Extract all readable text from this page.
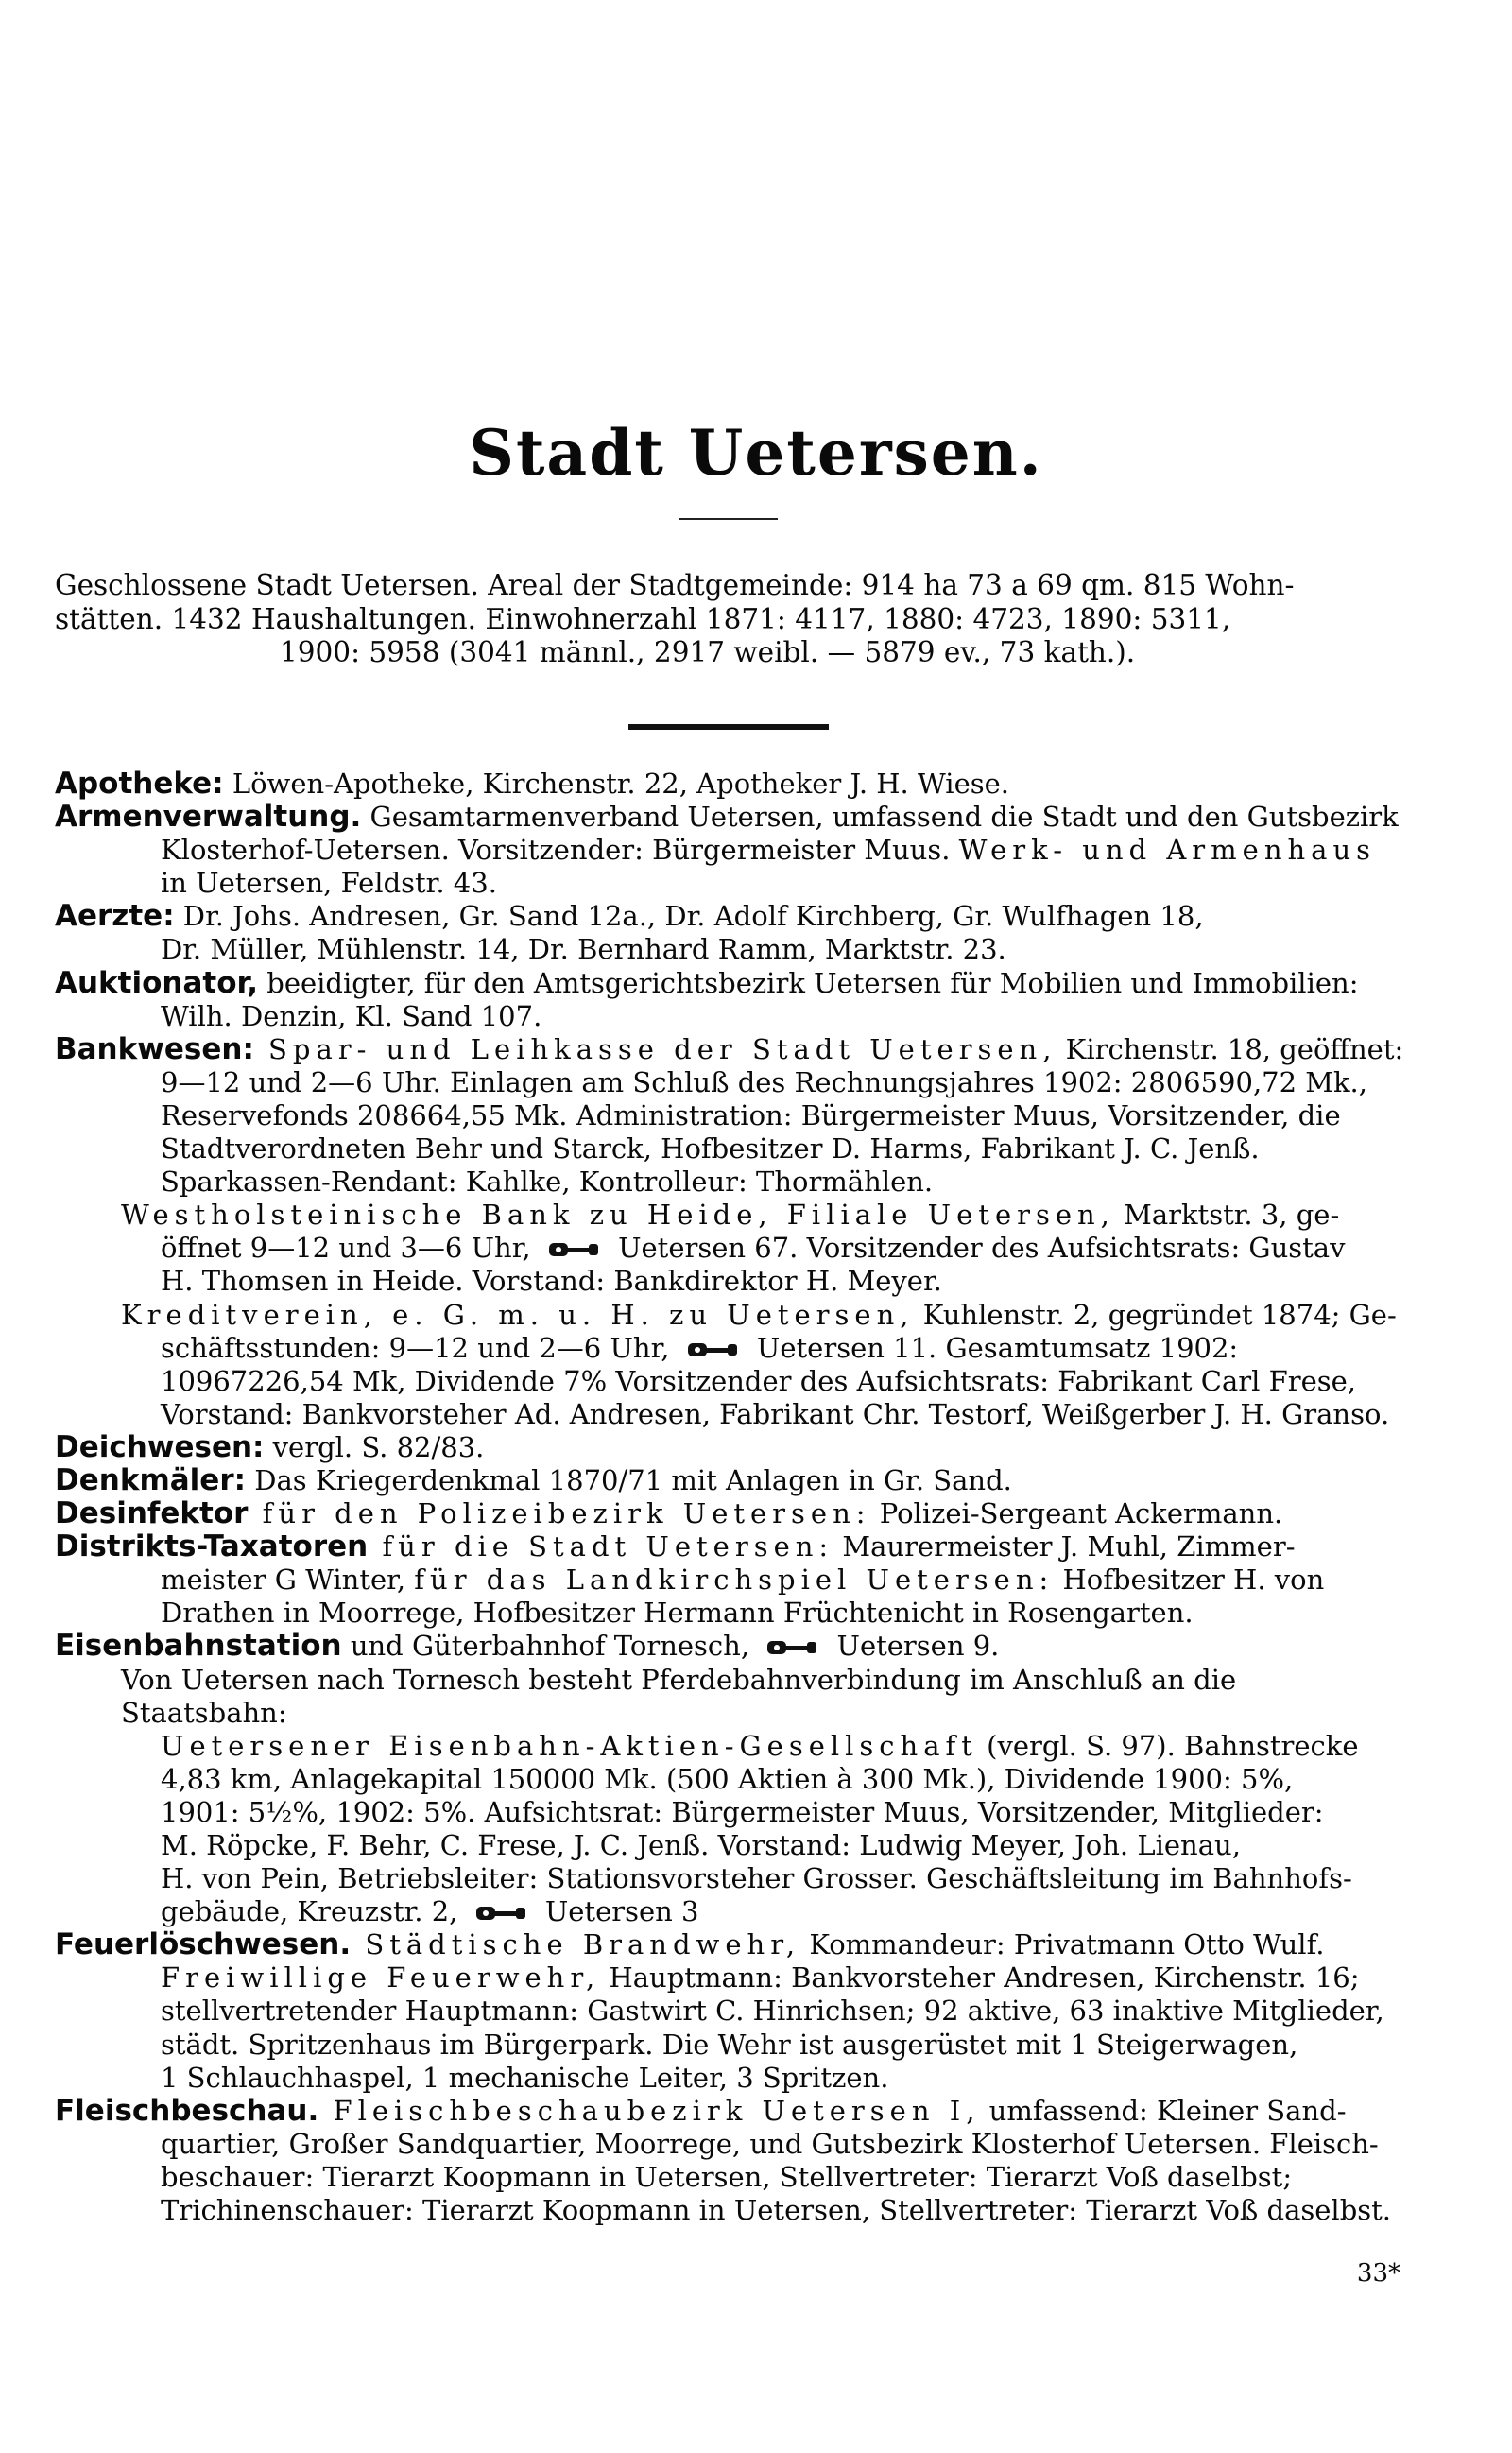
Stadt Uetersen.
Geschlossene Stadt Uetersen. Areal der Stadtgemeinde: 914 ha 73 a 69 qm. 815 Wohn-
stätten. 1432 Haushaltungen. Einwohnerzahl 1871: 4117, 1880: 4723, 1890: 5311,
1900: 5958 (3041 männl., 2917 weibl. — 5879 ev., 73 kath.).

Apotheke: Löwen-Apotheke, Kirchenstr. 22, Apotheker J. H. Wiese.

Armenverwaltung. Gesamtarmenverband Uetersen, umfassend die Stadt und den Gutsbezirk

Klosterhof-Uetersen. Vorsitzender: Bürgermeister Muus. Werk- und Armenhaus

in Uetersen, Feldstr. 43.

Aerzte: Dr. Johs. Andresen, Gr. Sand 12a., Dr. Adolf Kirchberg, Gr. Wulfhagen 18,

Dr. Müller, Mühlenstr. 14, Dr. Bernhard Ramm, Marktstr. 23.

Auktionator, beeidigter, für den Amtsgerichtsbezirk Uetersen für Mobilien und Immobilien:

Wilh. Denzin, Kl. Sand 107.

Bankwesen: Spar- und Leihkasse der Stadt Uetersen, Kirchenstr. 18, geöffnet:

9—12 und 2—6 Uhr. Einlagen am Schluß des Rechnungsjahres 1902: 2806590,72 Mk.,

Reservefonds 208664,55 Mk. Administration: Bürgermeister Muus, Vorsitzender, die

Stadtverordneten Behr und Starck, Hofbesitzer D. Harms, Fabrikant J. C. Jenß.

Sparkassen-Rendant: Kahlke, Kontrolleur: Thormählen.

Westholsteinische Bank zu Heide, Filiale Uetersen, Marktstr. 3, ge-

öffnet 9—12 und 3—6 Uhr,	Uetersen 67. Vorsitzender des Aufsichtsrats: Gustav

H. Thomsen in Heide. Vorstand: Bankdirektor H. Meyer.

Kreditverein, e. G. m. u. H. zu Uetersen, Kuhlenstr. 2, gegründet 1874; Ge-

schäftsstunden: 9—12 und 2—6 Uhr,	Uetersen 11. Gesamtumsatz 1902:

10967226,54 Mk, Dividende 7% Vorsitzender des Aufsichtsrats: Fabrikant Carl Frese,

Vorstand: Bankvorsteher Ad. Andresen, Fabrikant Chr. Testorf, Weißgerber J. H. Granso.

Deichwesen: vergl. S. 82/83.

Denkmäler: Das Kriegerdenkmal 1870/71 mit Anlagen in Gr. Sand.

Desinfektor für den Polizeibezirk Uetersen: Polizei-Sergeant Ackermann.

Distrikts-Taxatoren für die Stadt Uetersen: Maurermeister J. Muhl, Zimmer-

meister G Winter, für das Landkirchspiel Uetersen: Hofbesitzer H. von

Drathen in Moorrege, Hofbesitzer Hermann Früchtenicht in Rosengarten.

Eisenbahnstation und Güterbahnhof Tornesch,	Uetersen 9.

Von Uetersen nach Tornesch besteht Pferdebahnverbindung im Anschluß an die Staatsbahn:

Uetersener Eisenbahn-Aktien-Gesellschaft (vergl. S. 97). Bahnstrecke

4,83 km, Anlagekapital 150000 Mk. (500 Aktien à 300 Mk.), Dividende 1900: 5%,

1901: 5½%, 1902: 5%. Aufsichtsrat: Bürgermeister Muus, Vorsitzender, Mitglieder:

M. Röpcke, F. Behr, C. Frese, J. C. Jenß. Vorstand: Ludwig Meyer, Joh. Lienau,

H. von Pein, Betriebsleiter: Stationsvorsteher Grosser. Geschäftsleitung im Bahnhofs-

gebäude, Kreuzstr. 2,	Uetersen 3

Feuerlöschwesen. Städtische Brandwehr, Kommandeur: Privatmann Otto Wulf.

Freiwillige Feuerwehr, Hauptmann: Bankvorsteher Andresen, Kirchenstr. 16;

stellvertretender Hauptmann: Gastwirt C. Hinrichsen; 92 aktive, 63 inaktive Mitglieder,

städt. Spritzenhaus im Bürgerpark. Die Wehr ist ausgerüstet mit 1 Steigerwagen,

1 Schlauchhaspel, 1 mechanische Leiter, 3 Spritzen.

Fleischbeschau. Fleischbeschaubezirk Uetersen I, umfassend: Kleiner Sand-

quartier, Großer Sandquartier, Moorrege, und Gutsbezirk Klosterhof Uetersen. Fleisch-

beschauer: Tierarzt Koopmann in Uetersen, Stellvertreter: Tierarzt Voß daselbst;

Trichinenschauer: Tierarzt Koopmann in Uetersen, Stellvertreter: Tierarzt Voß daselbst.

33*
